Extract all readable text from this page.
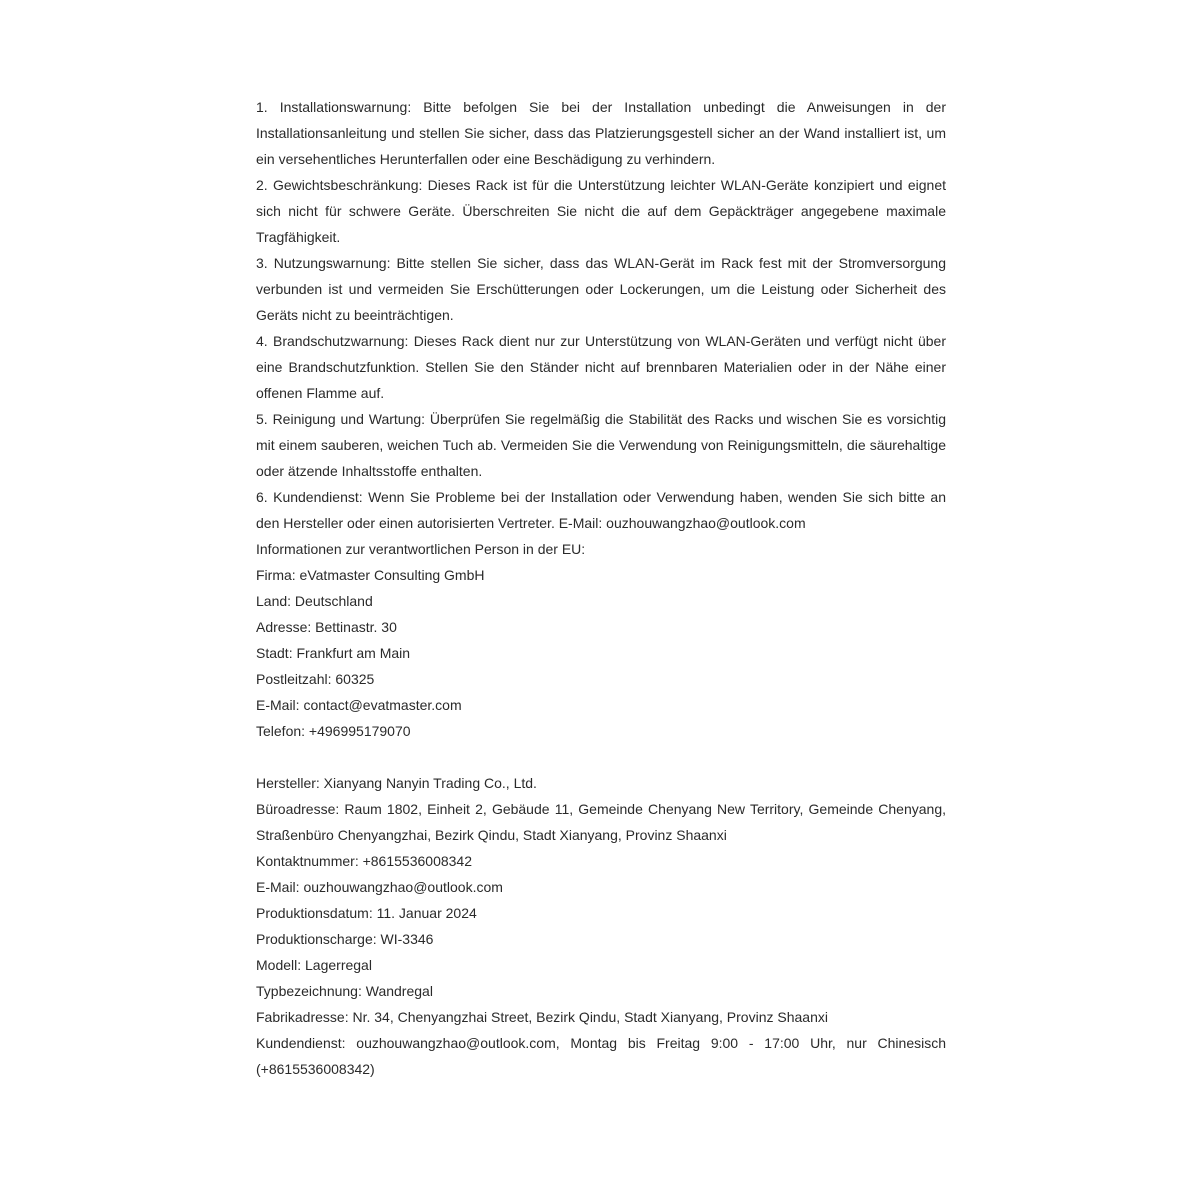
1. Installationswarnung: Bitte befolgen Sie bei der Installation unbedingt die Anweisungen in der Installationsanleitung und stellen Sie sicher, dass das Platzierungsgestell sicher an der Wand installiert ist, um ein versehentliches Herunterfallen oder eine Beschädigung zu verhindern.

2. Gewichtsbeschränkung: Dieses Rack ist für die Unterstützung leichter WLAN-Geräte konzipiert und eignet sich nicht für schwere Geräte. Überschreiten Sie nicht die auf dem Gepäckträger angegebene maximale Tragfähigkeit.

3. Nutzungswarnung: Bitte stellen Sie sicher, dass das WLAN-Gerät im Rack fest mit der Stromversorgung verbunden ist und vermeiden Sie Erschütterungen oder Lockerungen, um die Leistung oder Sicherheit des Geräts nicht zu beeinträchtigen.

4. Brandschutzwarnung: Dieses Rack dient nur zur Unterstützung von WLAN-Geräten und verfügt nicht über eine Brandschutzfunktion. Stellen Sie den Ständer nicht auf brennbaren Materialien oder in der Nähe einer offenen Flamme auf.

5. Reinigung und Wartung: Überprüfen Sie regelmäßig die Stabilität des Racks und wischen Sie es vorsichtig mit einem sauberen, weichen Tuch ab. Vermeiden Sie die Verwendung von Reinigungsmitteln, die säurehaltige oder ätzende Inhaltsstoffe enthalten.

6. Kundendienst: Wenn Sie Probleme bei der Installation oder Verwendung haben, wenden Sie sich bitte an den Hersteller oder einen autorisierten Vertreter. E-Mail: ouzhouwangzhao@outlook.com

Informationen zur verantwortlichen Person in der EU:

Firma: eVatmaster Consulting GmbH

Land: Deutschland

Adresse: Bettinastr. 30

Stadt: Frankfurt am Main

Postleitzahl: 60325

E-Mail: contact@evatmaster.com

Telefon: +496995179070

Hersteller: Xianyang Nanyin Trading Co., Ltd.

Büroadresse: Raum 1802, Einheit 2, Gebäude 11, Gemeinde Chenyang New Territory, Gemeinde Chenyang, Straßenbüro Chenyangzhai, Bezirk Qindu, Stadt Xianyang, Provinz Shaanxi

Kontaktnummer: +8615536008342

E-Mail: ouzhouwangzhao@outlook.com

Produktionsdatum: 11. Januar 2024

Produktionscharge: WI-3346

Modell: Lagerregal

Typbezeichnung: Wandregal

Fabrikadresse: Nr. 34, Chenyangzhai Street, Bezirk Qindu, Stadt Xianyang, Provinz Shaanxi

Kundendienst: ouzhouwangzhao@outlook.com, Montag bis Freitag 9:00 - 17:00 Uhr, nur Chinesisch (+8615536008342)
